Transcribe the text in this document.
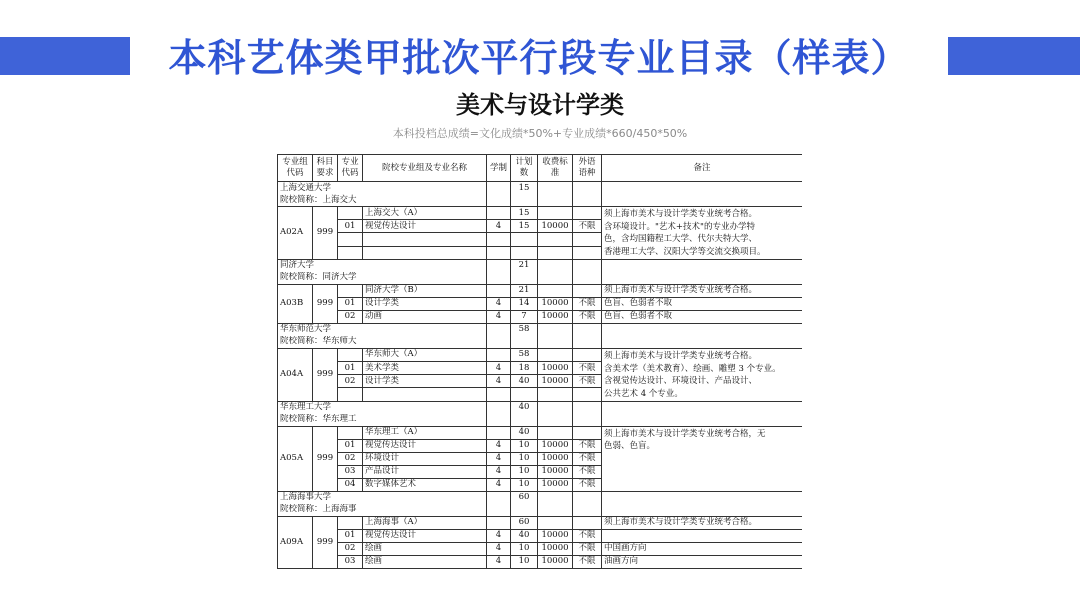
本科艺体类甲批次平行段专业目录（样表）
美术与设计学类
本科投档总成绩=文化成绩*50%+专业成绩*660/450*50%
专业组代码	科目要求	专业代码	院校专业组及专业名称	学制	计划数	收费标准	外语语种	备注
上海交通大学					15			
院校简称：上海交大								
A02A	999		上海交大（A）		15			须上海市美术与设计学类专业统考合格。
含环境设计。"艺术+技术"的专业办学特
色，含均国籍程工大学、代尔夫特大学、
香港理工大学、汉阳大学等交流交换项目。

		01	视觉传达设计	4	15	10000	不限	

同济大学					21			
院校简称：同济大学								
A03B	999		同济大学（B）		21			须上海市美术与设计学类专业统考合格。
		01	设计学类	4	14	10000	不限	色盲、色弱者不取
		02	动画	4	7	10000	不限	色盲、色弱者不取
华东师范大学					58			
院校简称：华东师大								
A04A	999		华东师大（A）		58			须上海市美术与设计学类专业统考合格。
含美术学（美术教育）、绘画、雕塑 3 个专业。
含视觉传达设计、环境设计、产品设计、
公共艺术 4 个专业。

		01	美术学类	4	18	10000	不限	
		02	设计学类	4	40	10000	不限	

华东理工大学					40			
院校简称：华东理工								
A05A	999		华东理工（A）		40			须上海市美术与设计学类专业统考合格，无
色弱、色盲。

		01	视觉传达设计	4	10	10000	不限	
		02	环境设计	4	10	10000	不限	
		03	产品设计	4	10	10000	不限	
		04	数字媒体艺术	4	10	10000	不限	
上海海事大学					60			
院校简称：上海海事								
A09A	999		上海海事（A）		60			须上海市美术与设计学类专业统考合格。
		01	视觉传达设计	4	40	10000	不限	
		02	绘画	4	10	10000	不限	中国画方向
		03	绘画	4	10	10000	不限	油画方向
